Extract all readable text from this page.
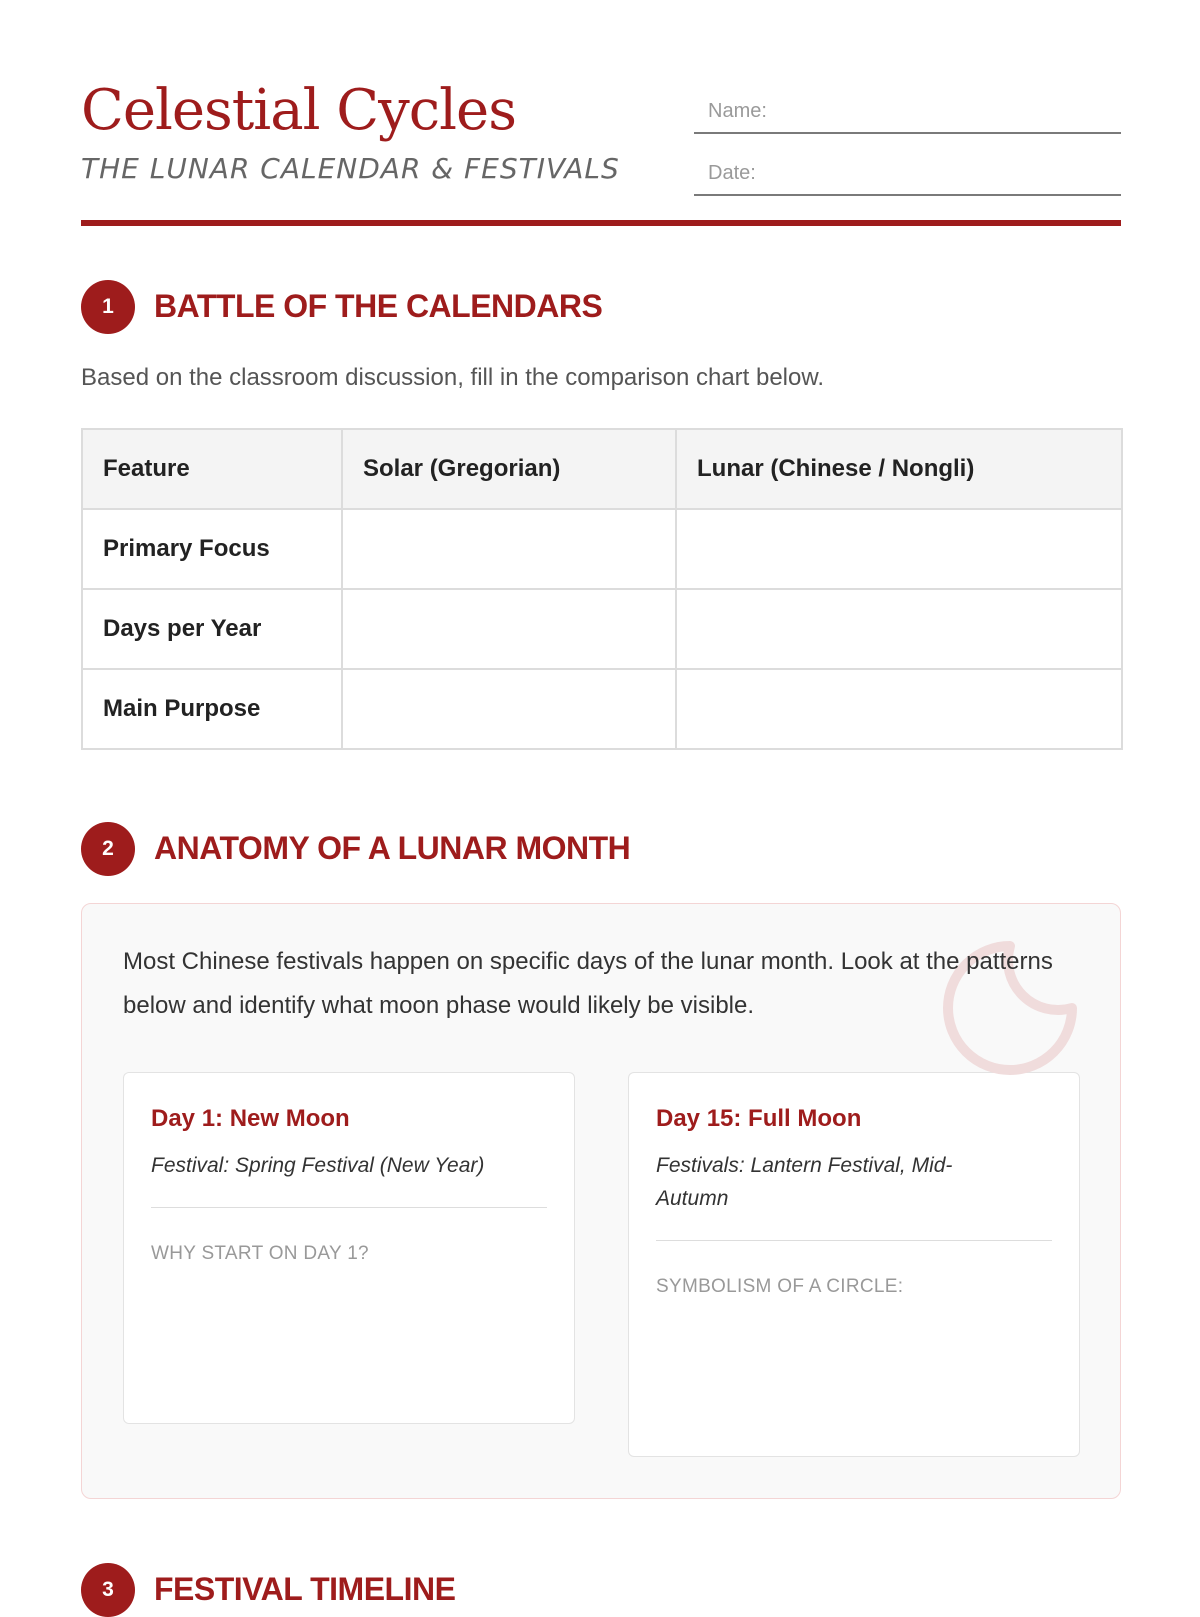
Celestial Cycles
THE LUNAR CALENDAR & FESTIVALS
Name:
Date:
1	BATTLE OF THE CALENDARS
Based on the classroom discussion, fill in the comparison chart below.
Feature	Solar (Gregorian)	Lunar (Chinese / Nongli)
Primary Focus		
Days per Year		
Main Purpose		
2	ANATOMY OF A LUNAR MONTH
Most Chinese festivals happen on specific days of the lunar month. Look at the patterns below and identify what moon phase would likely be visible.
Day 1: New Moon
Festival: Spring Festival (New Year)
WHY START ON DAY 1?
Day 15: Full Moon
Festivals: Lantern Festival, Mid-Autumn
SYMBOLISM OF A CIRCLE:
3	FESTIVAL TIMELINE
